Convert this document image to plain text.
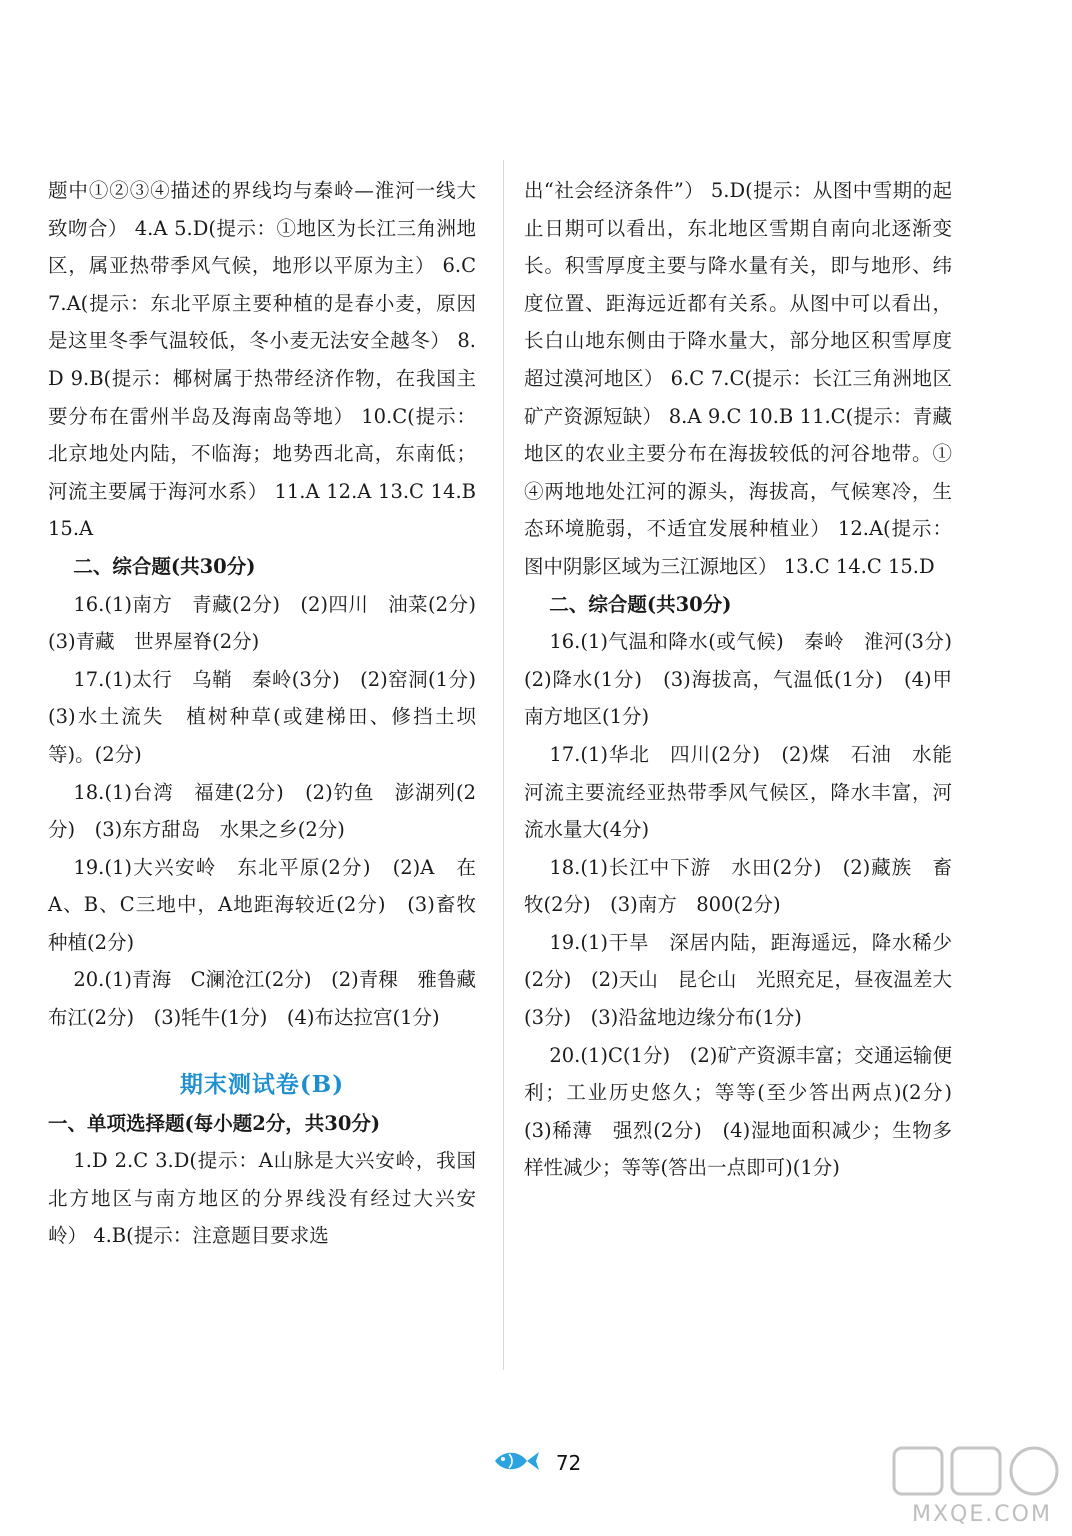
题中①②③④描述的界线均与秦岭—淮河一线大致吻合） 4.A 5.D(提示：①地区为长江三角洲地区，属亚热带季风气候，地形以平原为主） 6.C 7.A(提示：东北平原主要种植的是春小麦，原因是这里冬季气温较低，冬小麦无法安全越冬） 8.D 9.B(提示：椰树属于热带经济作物，在我国主要分布在雷州半岛及海南岛等地） 10.C(提示：北京地处内陆，不临海；地势西北高，东南低；河流主要属于海河水系） 11.A 12.A 13.C 14.B 15.A

二、综合题(共30分)

16.(1)南方　青藏(2分)　(2)四川　油菜(2分)　(3)青藏　世界屋脊(2分)

17.(1)太行　乌鞘　秦岭(3分)　(2)窑洞(1分)　(3)水土流失　植树种草(或建梯田、修挡土坝等)。(2分)

18.(1)台湾　福建(2分)　(2)钓鱼　澎湖列(2分)　(3)东方甜岛　水果之乡(2分)

19.(1)大兴安岭　东北平原(2分)　(2)A　在A、B、C三地中，A地距海较近(2分)　(3)畜牧　种植(2分)

20.(1)青海　C澜沧江(2分)　(2)青稞　雅鲁藏布江(2分)　(3)牦牛(1分)　(4)布达拉宫(1分)

期末测试卷(B)

一、单项选择题(每小题2分，共30分)

1.D 2.C 3.D(提示：A山脉是大兴安岭，我国北方地区与南方地区的分界线没有经过大兴安岭） 4.B(提示：注意题目要求选

出“社会经济条件”） 5.D(提示：从图中雪期的起止日期可以看出，东北地区雪期自南向北逐渐变长。积雪厚度主要与降水量有关，即与地形、纬度位置、距海远近都有关系。从图中可以看出，长白山地东侧由于降水量大，部分地区积雪厚度超过漠河地区） 6.C 7.C(提示：长江三角洲地区矿产资源短缺） 8.A 9.C 10.B 11.C(提示：青藏地区的农业主要分布在海拔较低的河谷地带。①④两地地处江河的源头，海拔高，气候寒冷，生态环境脆弱，不适宜发展种植业） 12.A(提示：图中阴影区域为三江源地区） 13.C 14.C 15.D

二、综合题(共30分)

16.(1)气温和降水(或气候)　秦岭　淮河(3分)　(2)降水(1分)　(3)海拔高，气温低(1分)　(4)甲南方地区(1分)

17.(1)华北　四川(2分)　(2)煤　石油　水能　河流主要流经亚热带季风气候区，降水丰富，河流水量大(4分)

18.(1)长江中下游　水田(2分)　(2)藏族　畜牧(2分)　(3)南方　800(2分)

19.(1)干旱　深居内陆，距海遥远，降水稀少(2分)　(2)天山　昆仑山　光照充足，昼夜温差大(3分)　(3)沿盆地边缘分布(1分)

20.(1)C(1分)　(2)矿产资源丰富；交通运输便利；工业历史悠久；等等(至少答出两点)(2分)　(3)稀薄　强烈(2分)　(4)湿地面积减少；生物多样性减少；等等(答出一点即可)(1分)

72
MXQE.COM
